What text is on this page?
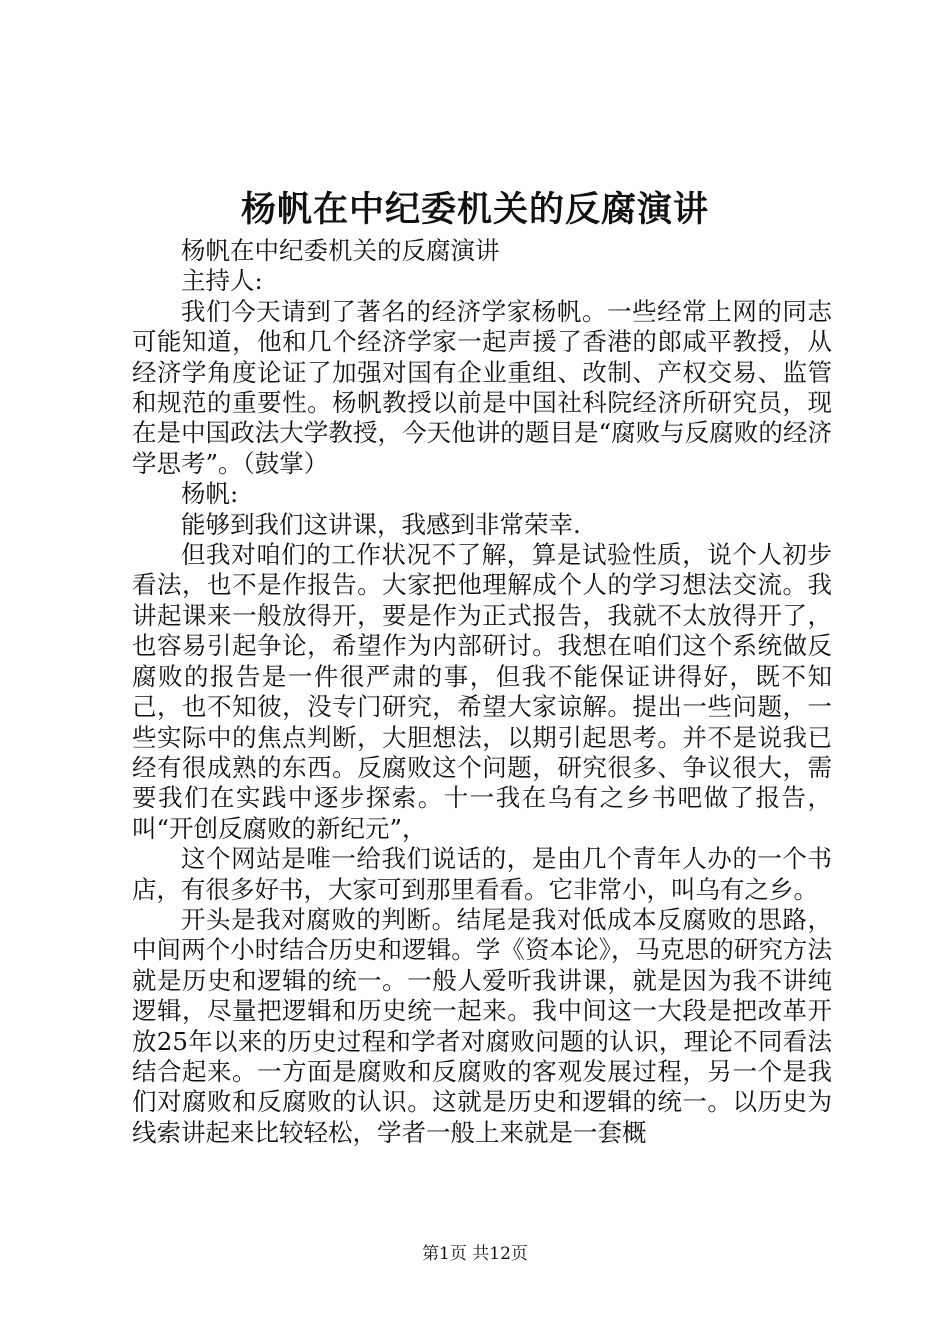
杨帆在中纪委机关的反腐演讲

杨帆在中纪委机关的反腐演讲

主持人:

我们今天请到了著名的经济学家杨帆。一些经常上网的同志可能知道，他和几个经济学家一起声援了香港的郎咸平教授，从经济学角度论证了加强对国有企业重组、改制、产权交易、监管和规范的重要性。杨帆教授以前是中国社科院经济所研究员，现在是中国政法大学教授，今天他讲的题目是“腐败与反腐败的经济学思考”。（鼓掌）

杨帆:

能够到我们这讲课，我感到非常荣幸.

但我对咱们的工作状况不了解，算是试验性质，说个人初步看法，也不是作报告。大家把他理解成个人的学习想法交流。我讲起课来一般放得开，要是作为正式报告，我就不太放得开了，也容易引起争论，希望作为内部研讨。我想在咱们这个系统做反腐败的报告是一件很严肃的事，但我不能保证讲得好，既不知己，也不知彼，没专门研究，希望大家谅解。提出一些问题，一些实际中的焦点判断，大胆想法，以期引起思考。并不是说我已经有很成熟的东西。反腐败这个问题，研究很多、争议很大，需要我们在实践中逐步探索。十一我在乌有之乡书吧做了报告，叫“开创反腐败的新纪元”，

这个网站是唯一给我们说话的，是由几个青年人办的一个书店，有很多好书，大家可到那里看看。它非常小，叫乌有之乡。

开头是我对腐败的判断。结尾是我对低成本反腐败的思路，中间两个小时结合历史和逻辑。学《资本论》，马克思的研究方法就是历史和逻辑的统一。一般人爱听我讲课，就是因为我不讲纯逻辑，尽量把逻辑和历史统一起来。我中间这一大段是把改革开放25年以来的历史过程和学者对腐败问题的认识，理论不同看法结合起来。一方面是腐败和反腐败的客观发展过程，另一个是我们对腐败和反腐败的认识。这就是历史和逻辑的统一。以历史为线索讲起来比较轻松，学者一般上来就是一套概

第1页 共12页
